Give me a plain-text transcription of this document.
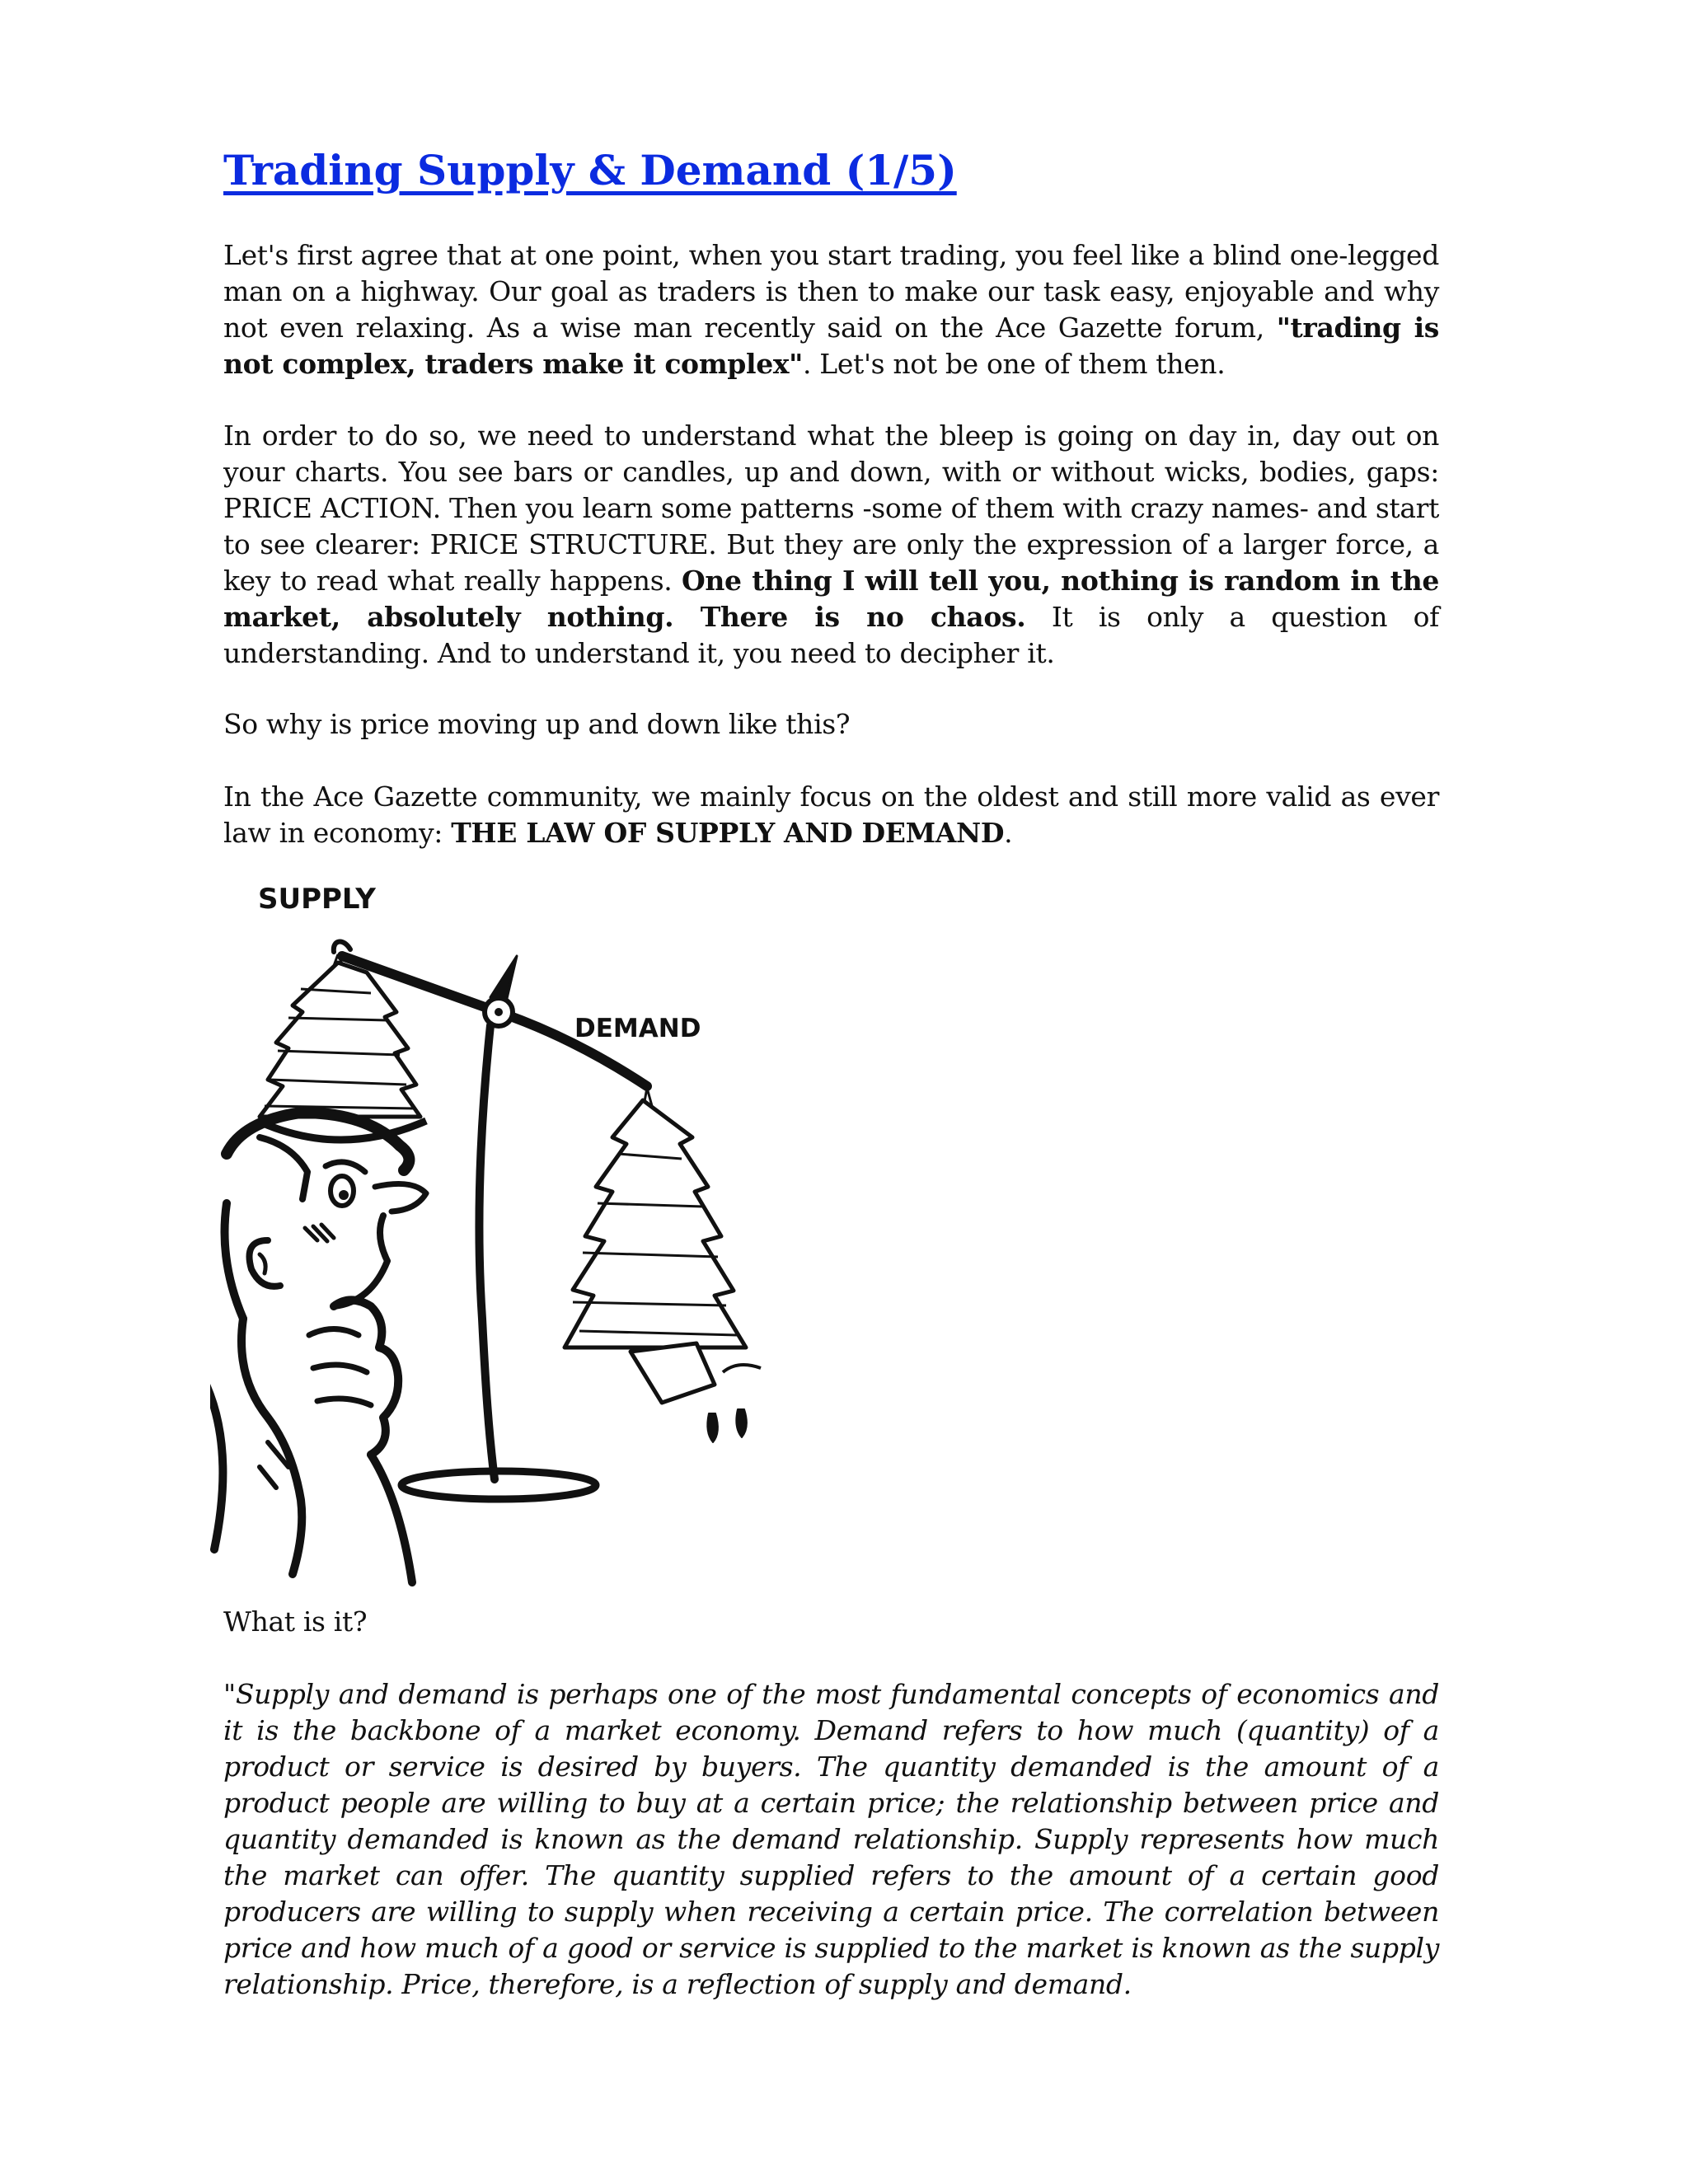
Trading Supply & Demand (1/5)

Let's first agree that at one point, when you start trading, you feel like a blind one-legged man on a highway. Our goal as traders is then to make our task easy, enjoyable and why not even relaxing. As a wise man recently said on the Ace Gazette forum, "trading is not complex, traders make it complex". Let's not be one of them then.

In order to do so, we need to understand what the bleep is going on day in, day out on your charts. You see bars or candles, up and down, with or without wicks, bodies, gaps: PRICE ACTION. Then you learn some patterns -some of them with crazy names- and start to see clearer: PRICE STRUCTURE. But they are only the expression of a larger force, a key to read what really happens. One thing I will tell you, nothing is random in the market, absolutely nothing. There is no chaos. It is only a question of understanding. And to understand it, you need to decipher it.

So why is price moving up and down like this?

In the Ace Gazette community, we mainly focus on the oldest and still more valid as ever law in economy: THE LAW OF SUPPLY AND DEMAND.

SUPPLY
DEMAND

What is it?

"Supply and demand is perhaps one of the most fundamental concepts of economics and it is the backbone of a market economy. Demand refers to how much (quantity) of a product or service is desired by buyers. The quantity demanded is the amount of a product people are willing to buy at a certain price; the relationship between price and quantity demanded is known as the demand relationship. Supply represents how much the market can offer. The quantity supplied refers to the amount of a certain good producers are willing to supply when receiving a certain price. The correlation between price and how much of a good or service is supplied to the market is known as the supply relationship. Price, therefore, is a reflection of supply and demand.
